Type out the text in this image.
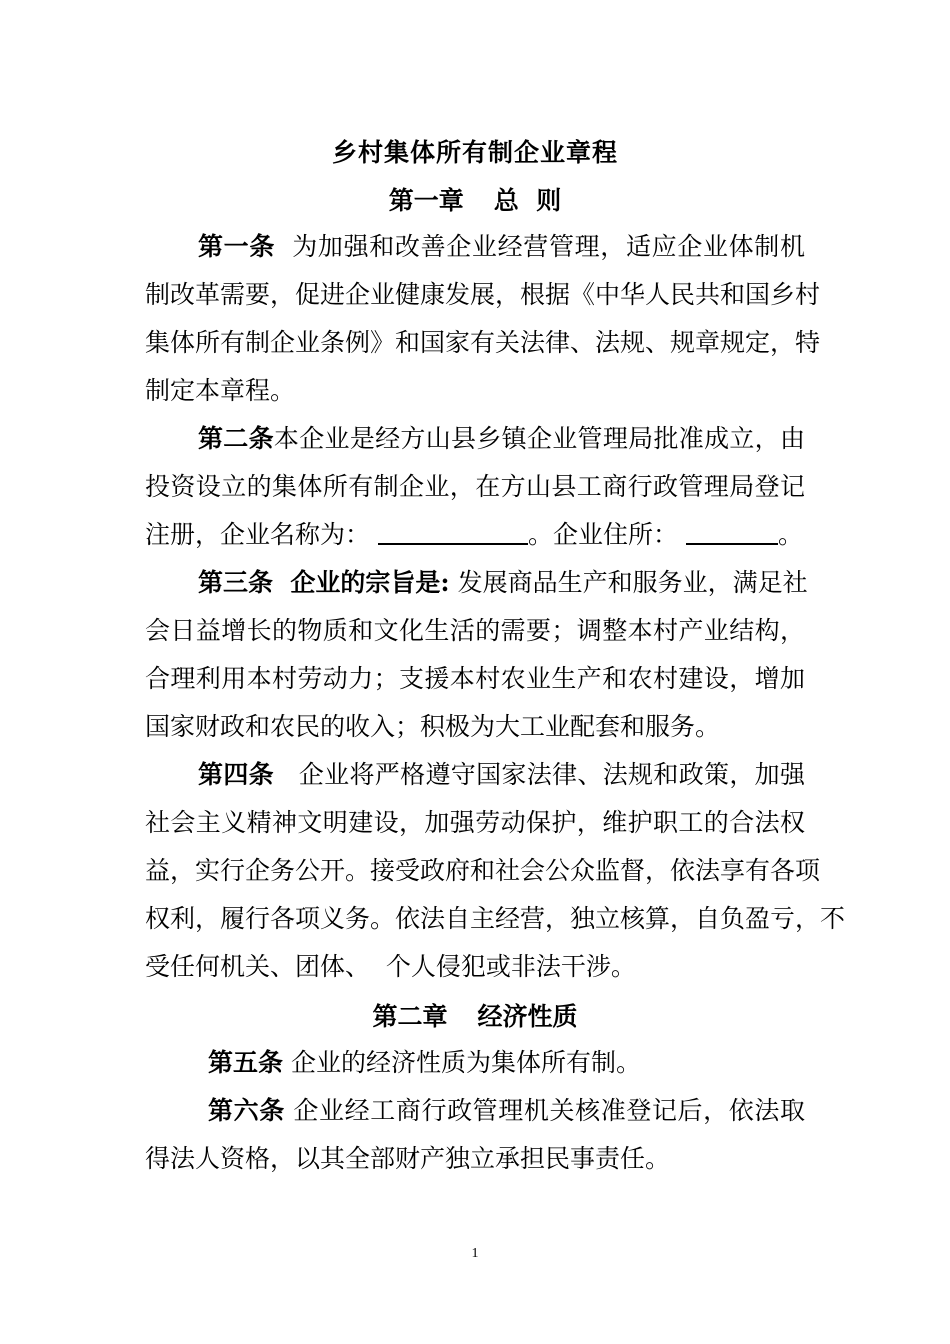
乡村集体所有制企业章程
第一章 总  则
第一条 为加强和改善企业经营管理，适应企业体制机
制改革需要，促进企业健康发展，根据《中华人民共和国乡村
集体所有制企业条例》和国家有关法律、法规、规章规定，特
制定本章程。
第二条本企业是经方山县乡镇企业管理局批准成立，由
投资设立的集体所有制企业，在方山县工商行政管理局登记
注册，企业名称为：	。企业住所：	。
第三条  企业的宗旨是: 发展商品生产和服务业，满足社
会日益增长的物质和文化生活的需要；调整本村产业结构，
合理利用本村劳动力；支援本村农业生产和农村建设，增加
国家财政和农民的收入；积极为大工业配套和服务。
第四条 企业将严格遵守国家法律、法规和政策，加强
社会主义精神文明建设，加强劳动保护，维护职工的合法权
益，实行企务公开。接受政府和社会公众监督，依法享有各项
权利，履行各项义务。依法自主经营，独立核算，自负盈亏，不
受任何机关、团体、  个人侵犯或非法干涉。
第二章 经济性质
第五条 企业的经济性质为集体所有制。
第六条 企业经工商行政管理机关核准登记后，依法取
得法人资格，以其全部财产独立承担民事责任。
1
